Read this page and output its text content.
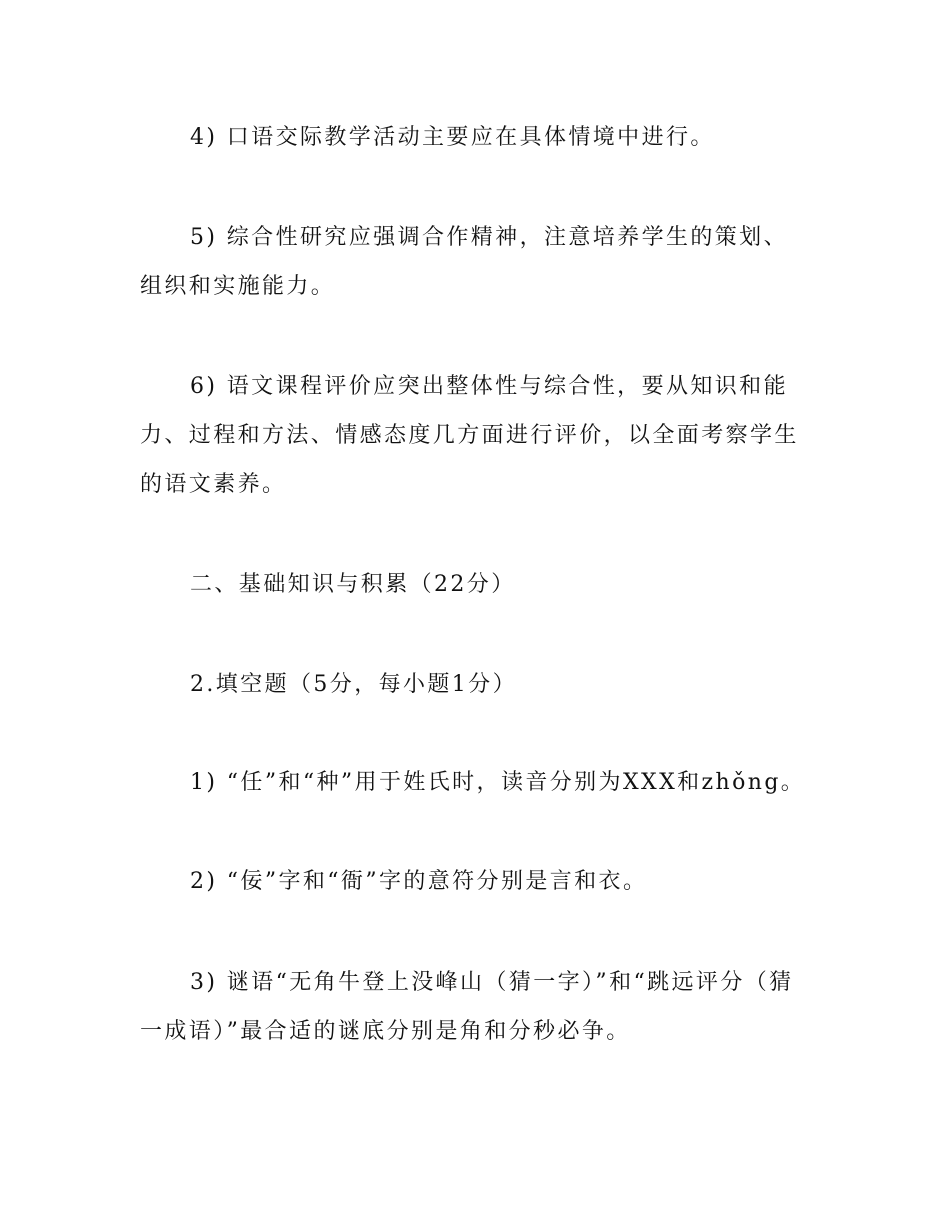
4) 口语交际教学活动主要应在具体情境中进行。

5) 综合性研究应强调合作精神，注意培养学生的策划、组织和实施能力。

6) 语文课程评价应突出整体性与综合性，要从知识和能力、过程和方法、情感态度几方面进行评价，以全面考察学生的语文素养。

二、基础知识与积累（22分）

2.填空题（5分，每小题1分）

1) “任”和“种”用于姓氏时，读音分别为XXX和zhǒng。

2) “佞”字和“衙”字的意符分别是言和衣。

3) 谜语“无角牛登上没峰山（猜一字）”和“跳远评分（猜一成语）”最合适的谜底分别是角和分秒必争。
